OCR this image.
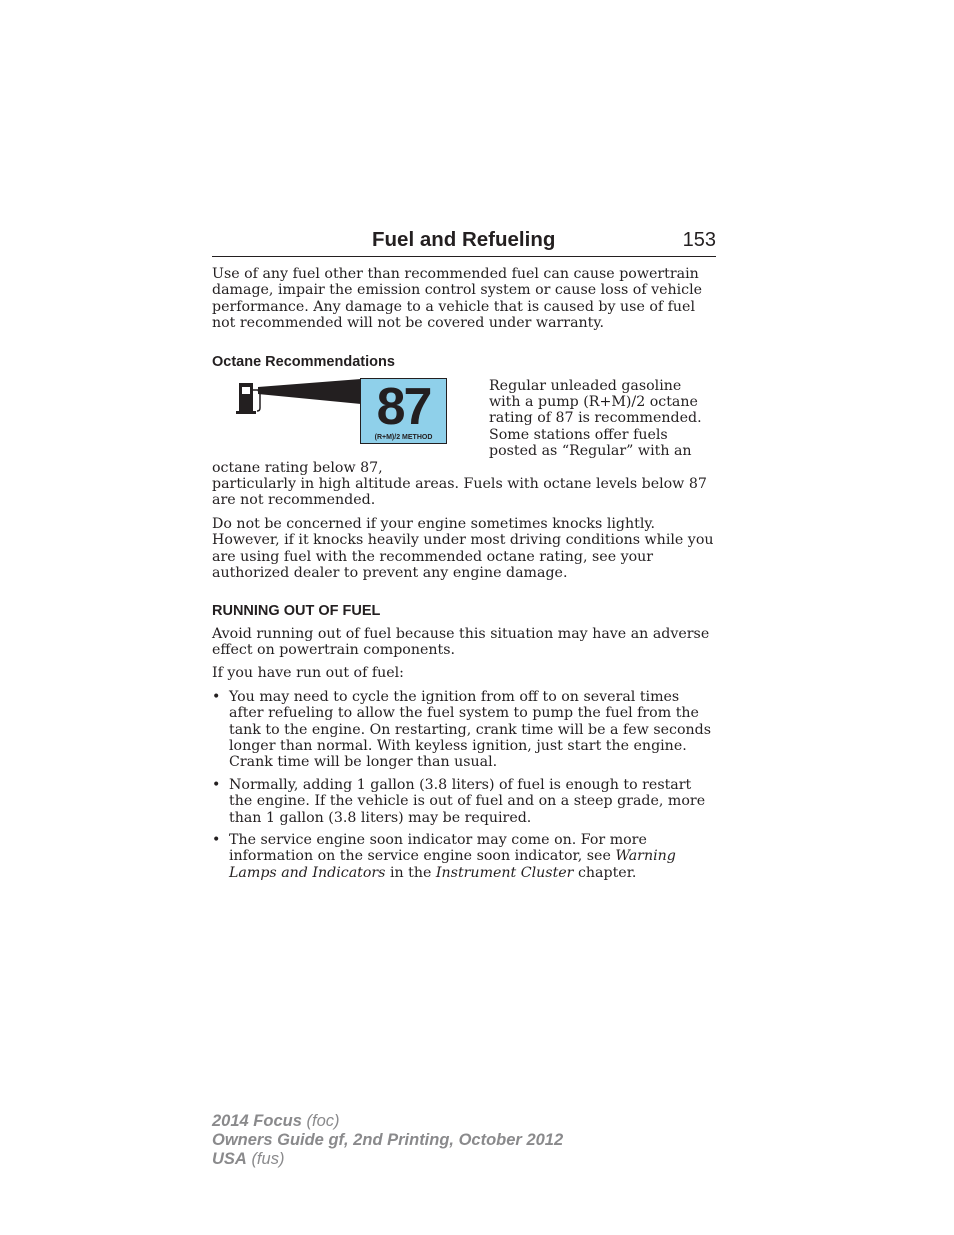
Fuel and Refueling	153

Use of any fuel other than recommended fuel can cause powertrain damage, impair the emission control system or cause loss of vehicle performance. Any damage to a vehicle that is caused by use of fuel not recommended will not be covered under warranty.

Octane Recommendations
87
(R+M)/2 METHOD
Regular unleaded gasoline with a pump (R+M)/2 octane rating of 87 is recommended. Some stations offer fuels posted as “Regular” with an octane rating below 87,

particularly in high altitude areas. Fuels with octane levels below 87 are not recommended.

Do not be concerned if your engine sometimes knocks lightly. However, if it knocks heavily under most driving conditions while you are using fuel with the recommended octane rating, see your authorized dealer to prevent any engine damage.

RUNNING OUT OF FUEL

Avoid running out of fuel because this situation may have an adverse effect on powertrain components.

If you have run out of fuel:

• You may need to cycle the ignition from off to on several times after refueling to allow the fuel system to pump the fuel from the tank to the engine. On restarting, crank time will be a few seconds longer than normal. With keyless ignition, just start the engine. Crank time will be longer than usual.
• Normally, adding 1 gallon (3.8 liters) of fuel is enough to restart the engine. If the vehicle is out of fuel and on a steep grade, more than 1 gallon (3.8 liters) may be required.
• The service engine soon indicator may come on. For more information on the service engine soon indicator, see Warning Lamps and Indicators in the Instrument Cluster chapter.
2014 Focus (foc)
Owners Guide gf, 2nd Printing, October 2012
USA (fus)
